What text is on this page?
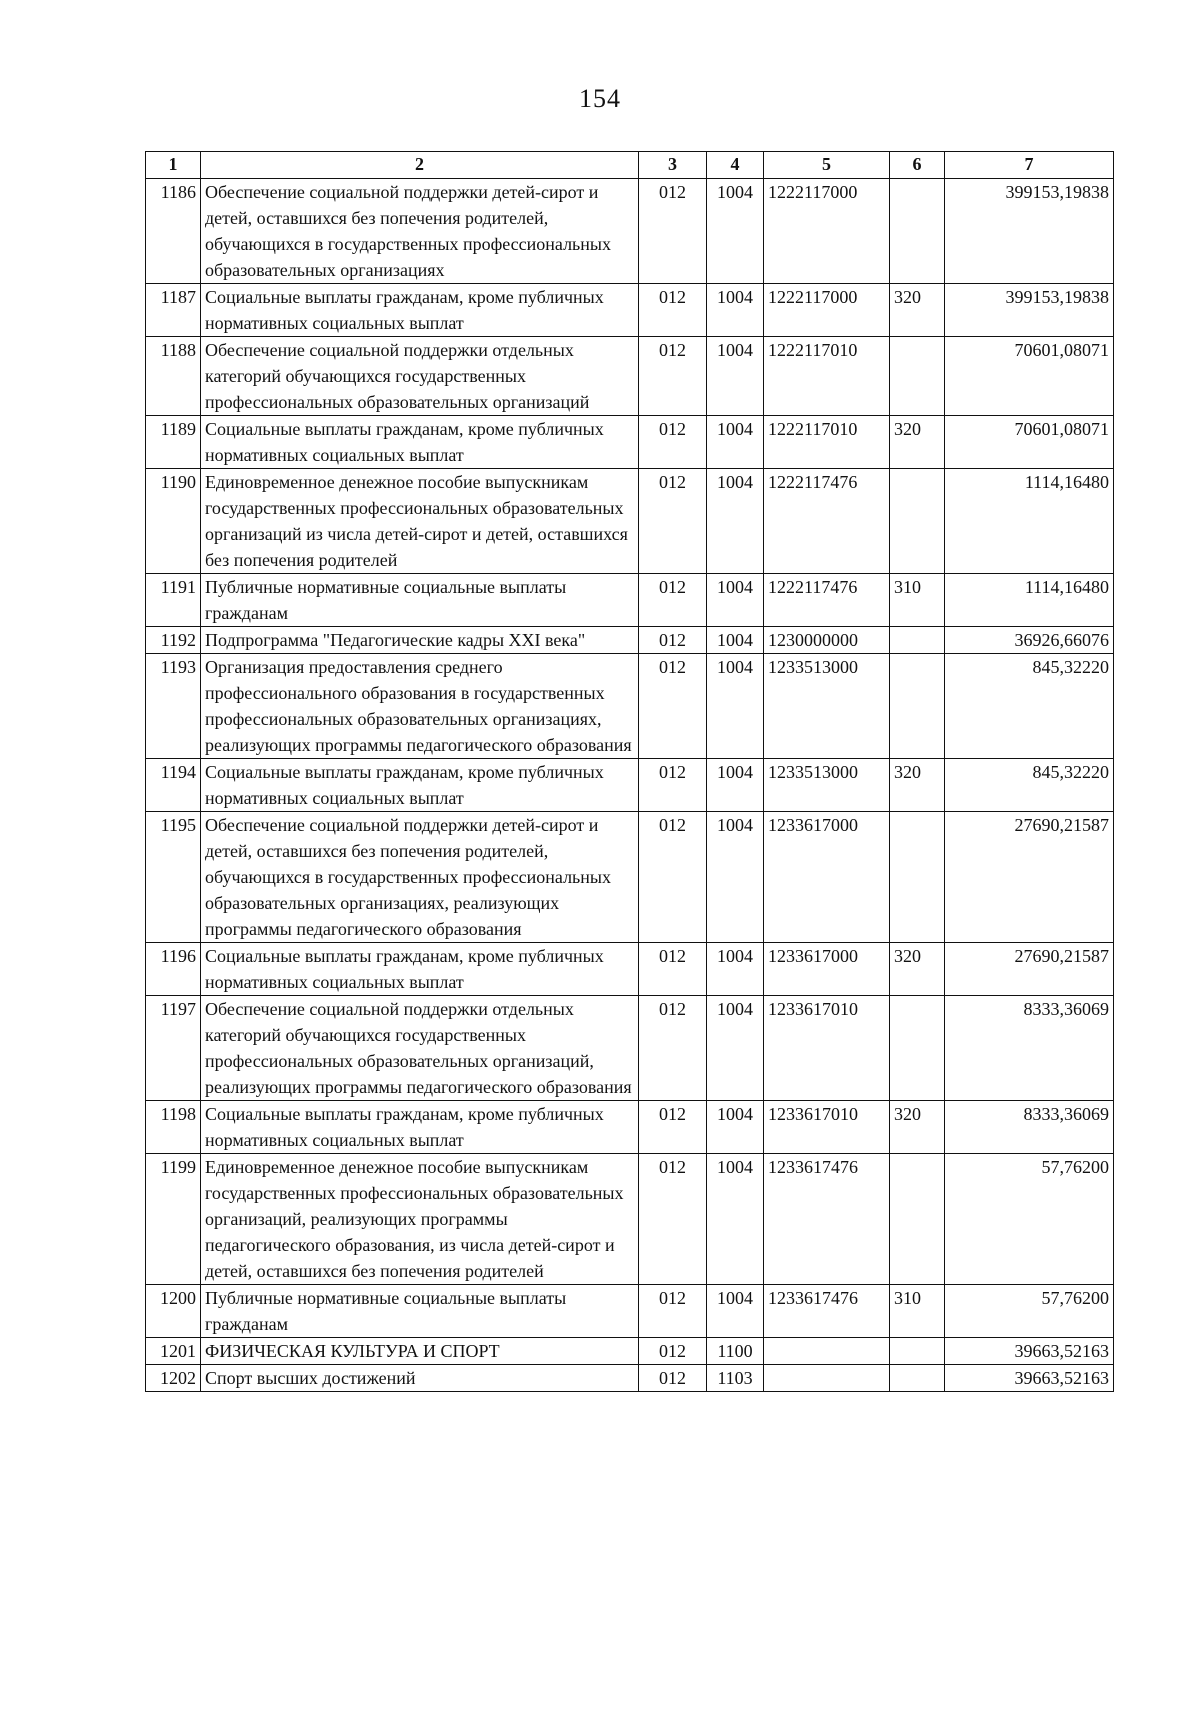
154
1	2	3	4	5	6	7
1186	Обеспечение социальной поддержки детей-сирот и детей, оставшихся без попечения родителей, обучающихся в государственных профессиональных образовательных организациях	012	1004	1222117000		399153,19838
1187	Социальные выплаты гражданам, кроме публичных нормативных социальных выплат	012	1004	1222117000	320	399153,19838
1188	Обеспечение социальной поддержки отдельных категорий обучающихся государственных профессиональных образовательных организаций	012	1004	1222117010		70601,08071
1189	Социальные выплаты гражданам, кроме публичных нормативных социальных выплат	012	1004	1222117010	320	70601,08071
1190	Единовременное денежное пособие выпускникам государственных профессиональных образовательных организаций из числа детей-сирот и детей, оставшихся без попечения родителей	012	1004	1222117476		1114,16480
1191	Публичные нормативные социальные выплаты гражданам	012	1004	1222117476	310	1114,16480
1192	Подпрограмма "Педагогические кадры XXI века"	012	1004	1230000000		36926,66076
1193	Организация предоставления среднего профессионального образования в государственных профессиональных образовательных организациях, реализующих программы педагогического образования	012	1004	1233513000		845,32220
1194	Социальные выплаты гражданам, кроме публичных нормативных социальных выплат	012	1004	1233513000	320	845,32220
1195	Обеспечение социальной поддержки детей-сирот и детей, оставшихся без попечения родителей, обучающихся в государственных профессиональных образовательных организациях, реализующих программы педагогического образования	012	1004	1233617000		27690,21587
1196	Социальные выплаты гражданам, кроме публичных нормативных социальных выплат	012	1004	1233617000	320	27690,21587
1197	Обеспечение социальной поддержки отдельных категорий обучающихся государственных профессиональных образовательных организаций, реализующих программы педагогического образования	012	1004	1233617010		8333,36069
1198	Социальные выплаты гражданам, кроме публичных нормативных социальных выплат	012	1004	1233617010	320	8333,36069
1199	Единовременное денежное пособие выпускникам государственных профессиональных образовательных организаций, реализующих программы педагогического образования, из числа детей-сирот и детей, оставшихся без попечения родителей	012	1004	1233617476		57,76200
1200	Публичные нормативные социальные выплаты гражданам	012	1004	1233617476	310	57,76200
1201	ФИЗИЧЕСКАЯ КУЛЬТУРА И СПОРТ	012	1100			39663,52163
1202	Спорт высших достижений	012	1103			39663,52163
